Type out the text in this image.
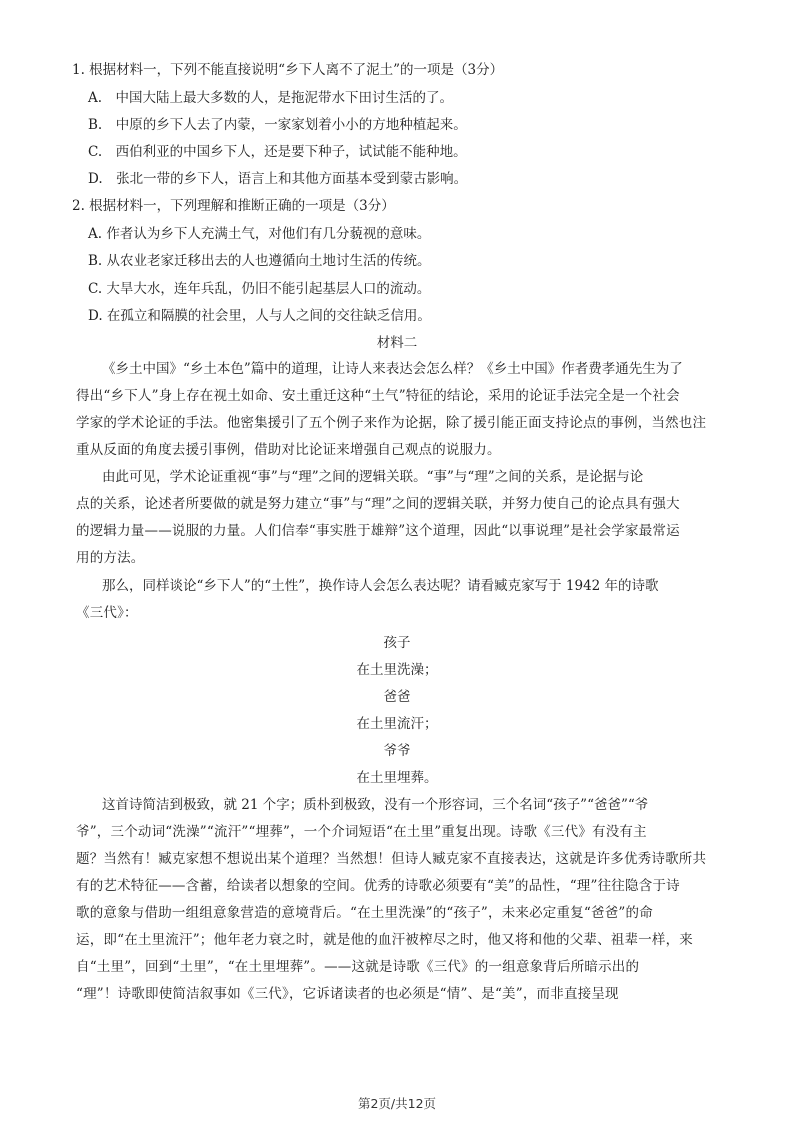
1. 根据材料一，下列不能直接说明“乡下人离不了泥土”的一项是（3分）
A.　中国大陆上最大多数的人，是拖泥带水下田讨生活的了。
B.　中原的乡下人去了内蒙，一家家划着小小的方地种植起来。
C.　西伯利亚的中国乡下人，还是要下种子，试试能不能种地。
D.　张北一带的乡下人，语言上和其他方面基本受到蒙古影响。
2. 根据材料一，下列理解和推断正确的一项是（3分）
A. 作者认为乡下人充满土气，对他们有几分藐视的意味。
B. 从农业老家迁移出去的人也遵循向土地讨生活的传统。
C. 大旱大水，连年兵乱，仍旧不能引起基层人口的流动。
D. 在孤立和隔膜的社会里，人与人之间的交往缺乏信用。
材料二
《乡土中国》“乡土本色”篇中的道理，让诗人来表达会怎么样？《乡土中国》作者费孝通先生为了
得出“乡下人”身上存在视土如命、安土重迁这种“土气”特征的结论，采用的论证手法完全是一个社会
学家的学术论证的手法。他密集援引了五个例子来作为论据，除了援引能正面支持论点的事例，当然也注
重从反面的角度去援引事例，借助对比论证来增强自己观点的说服力。
由此可见，学术论证重视“事”与“理”之间的逻辑关联。“事”与“理”之间的关系，是论据与论
点的关系，论述者所要做的就是努力建立“事”与“理”之间的逻辑关联，并努力使自己的论点具有强大
的逻辑力量——说服的力量。人们信奉“事实胜于雄辩”这个道理，因此“以事说理”是社会学家最常运
用的方法。
那么，同样谈论“乡下人”的“土性”，换作诗人会怎么表达呢？请看臧克家写于 1942 年的诗歌
《三代》：
孩子
在土里洗澡；
爸爸
在土里流汗；
爷爷
在土里埋葬。
这首诗简洁到极致，就 21 个字；质朴到极致，没有一个形容词，三个名词“孩子”“爸爸”“爷
爷”，三个动词“洗澡”“流汗”“埋葬”，一个介词短语“在土里”重复出现。诗歌《三代》有没有主
题？当然有！臧克家想不想说出某个道理？当然想！但诗人臧克家不直接表达，这就是许多优秀诗歌所共
有的艺术特征——含蓄，给读者以想象的空间。优秀的诗歌必须要有“美”的品性，“理”往往隐含于诗
歌的意象与借助一组组意象营造的意境背后。“在土里洗澡”的“孩子”，未来必定重复“爸爸”的命
运，即“在土里流汗”；他年老力衰之时，就是他的血汗被榨尽之时，他又将和他的父辈、祖辈一样，来
自“土里”，回到“土里”，“在土里埋葬”。——这就是诗歌《三代》的一组意象背后所暗示出的
“理”！诗歌即使简洁叙事如《三代》，它诉诸读者的也必须是“情”、是“美”，而非直接呈现
第2页/共12页
